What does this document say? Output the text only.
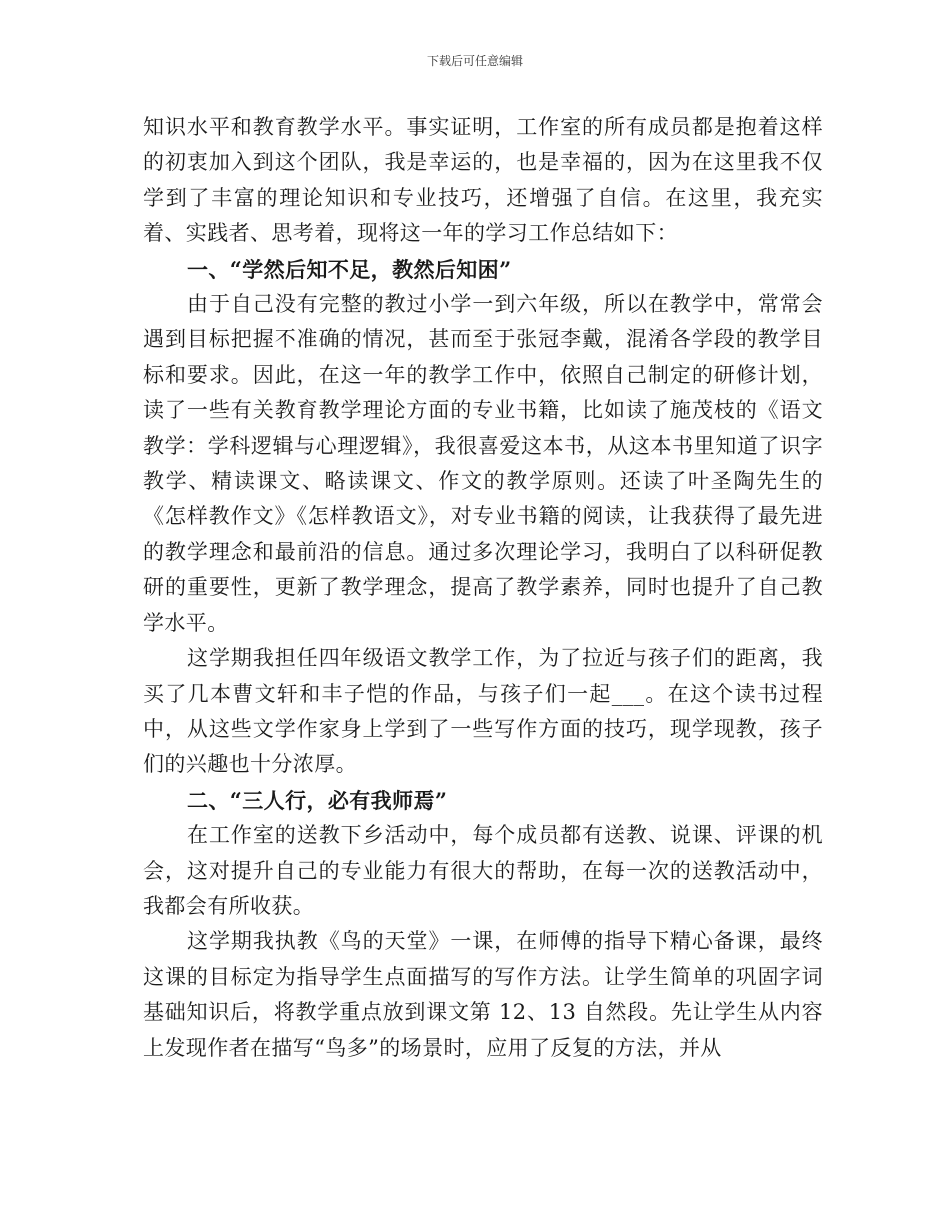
下载后可任意编辑

知识水平和教育教学水平。事实证明，工作室的所有成员都是抱着这样的初衷加入到这个团队，我是幸运的，也是幸福的，因为在这里我不仅学到了丰富的理论知识和专业技巧，还增强了自信。在这里，我充实着、实践者、思考着，现将这一年的学习工作总结如下：

一、“学然后知不足，教然后知困”

由于自己没有完整的教过小学一到六年级，所以在教学中，常常会遇到目标把握不准确的情况，甚而至于张冠李戴，混淆各学段的教学目标和要求。因此，在这一年的教学工作中，依照自己制定的研修计划，读了一些有关教育教学理论方面的专业书籍，比如读了施茂枝的《语文教学：学科逻辑与心理逻辑》，我很喜爱这本书，从这本书里知道了识字教学、精读课文、略读课文、作文的教学原则。还读了叶圣陶先生的《怎样教作文》《怎样教语文》，对专业书籍的阅读，让我获得了最先进的教学理念和最前沿的信息。通过多次理论学习，我明白了以科研促教研的重要性，更新了教学理念，提高了教学素养，同时也提升了自己教学水平。

这学期我担任四年级语文教学工作，为了拉近与孩子们的距离，我买了几本曹文轩和丰子恺的作品，与孩子们一起___。在这个读书过程中，从这些文学作家身上学到了一些写作方面的技巧，现学现教，孩子们的兴趣也十分浓厚。

二、“三人行，必有我师焉”

在工作室的送教下乡活动中，每个成员都有送教、说课、评课的机会，这对提升自己的专业能力有很大的帮助，在每一次的送教活动中，我都会有所收获。

这学期我执教《鸟的天堂》一课，在师傅的指导下精心备课，最终这课的目标定为指导学生点面描写的写作方法。让学生简单的巩固字词基础知识后，将教学重点放到课文第 12、13 自然段。先让学生从内容上发现作者在描写“鸟多”的场景时，应用了反复的方法，并从
